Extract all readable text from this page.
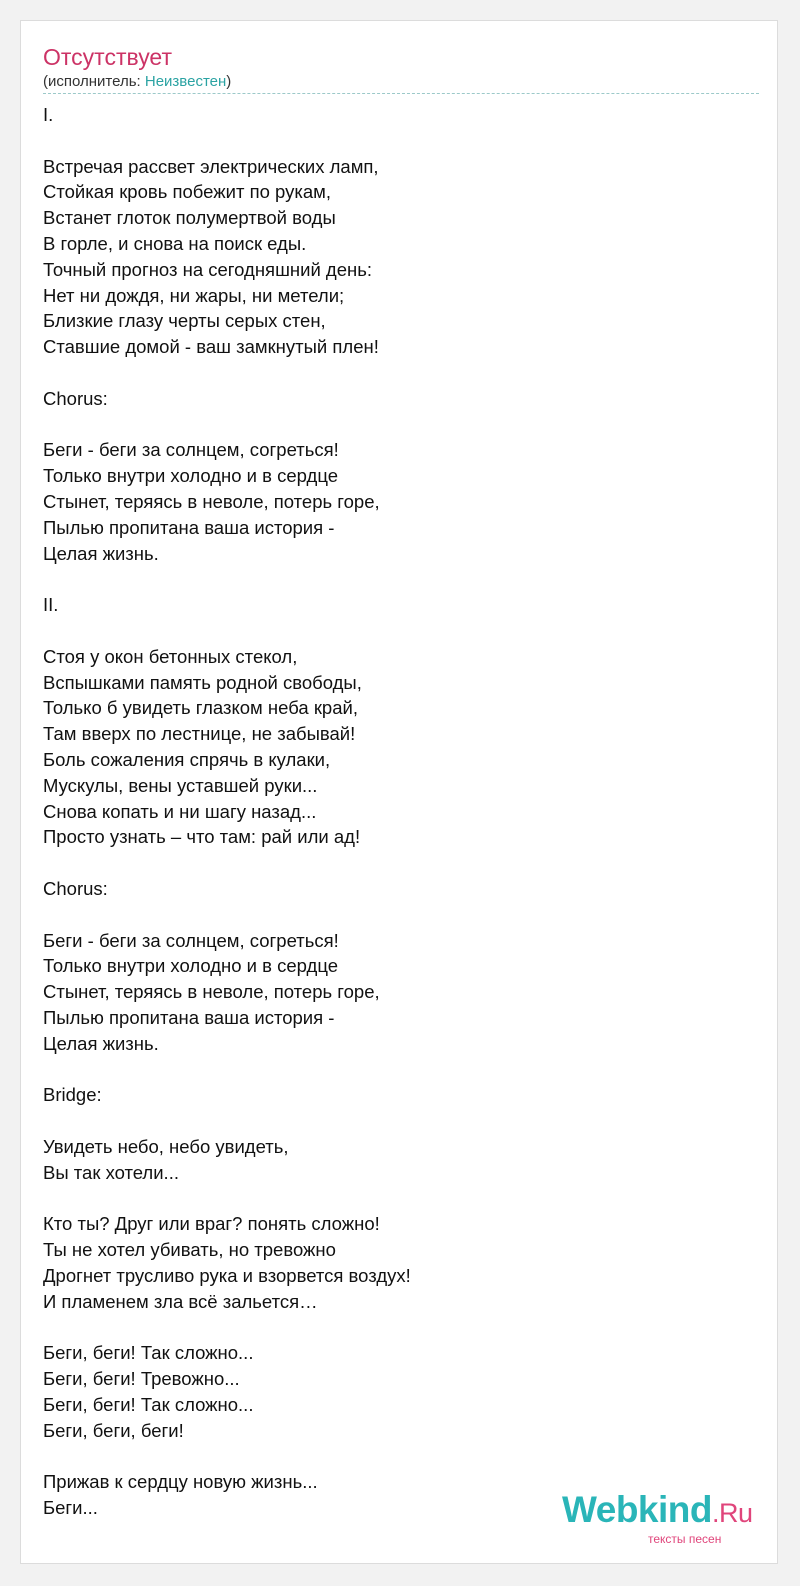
Отсутствует
(исполнитель: Неизвестен)
I.
Встречая рассвет электрических ламп,
Стойкая кровь побежит по рукам,
Встанет глоток полумертвой воды
В горле, и снова на поиск еды.
Точный прогноз на сегодняшний день:
Нет ни дождя, ни жары, ни метели;
Близкие глазу черты серых стен,
Ставшие домой - ваш замкнутый плен!
Chorus:
Беги - беги за солнцем, согреться!
Только внутри холодно и в сердце
Стынет, теряясь в неволе, потерь горе,
Пылью пропитана ваша история -
Целая жизнь.
II.
Стоя у окон бетонных стекол,
Вспышками память родной свободы,
Только б увидеть глазком неба край,
Там вверх по лестнице, не забывай!
Боль сожаления спрячь в кулаки,
Мускулы, вены уставшей руки...
Снова копать и ни шагу назад...
Просто узнать – что там: рай или ад!
Chorus:
Беги - беги за солнцем, согреться!
Только внутри холодно и в сердце
Стынет, теряясь в неволе, потерь горе,
Пылью пропитана ваша история -
Целая жизнь.
Bridge:
Увидеть небо, небо увидеть,
Вы так хотели...
Кто ты? Друг или враг? понять сложно!
Ты не хотел убивать, но тревожно
Дрогнет трусливо рука и взорвется воздух!
И пламенем зла всё зальется…
Беги, беги! Так сложно...
Беги, беги! Тревожно...
Беги, беги! Так сложно...
Беги, беги, беги!
Прижав к сердцу новую жизнь...
Беги...	Webkind.Ru
тексты песен
